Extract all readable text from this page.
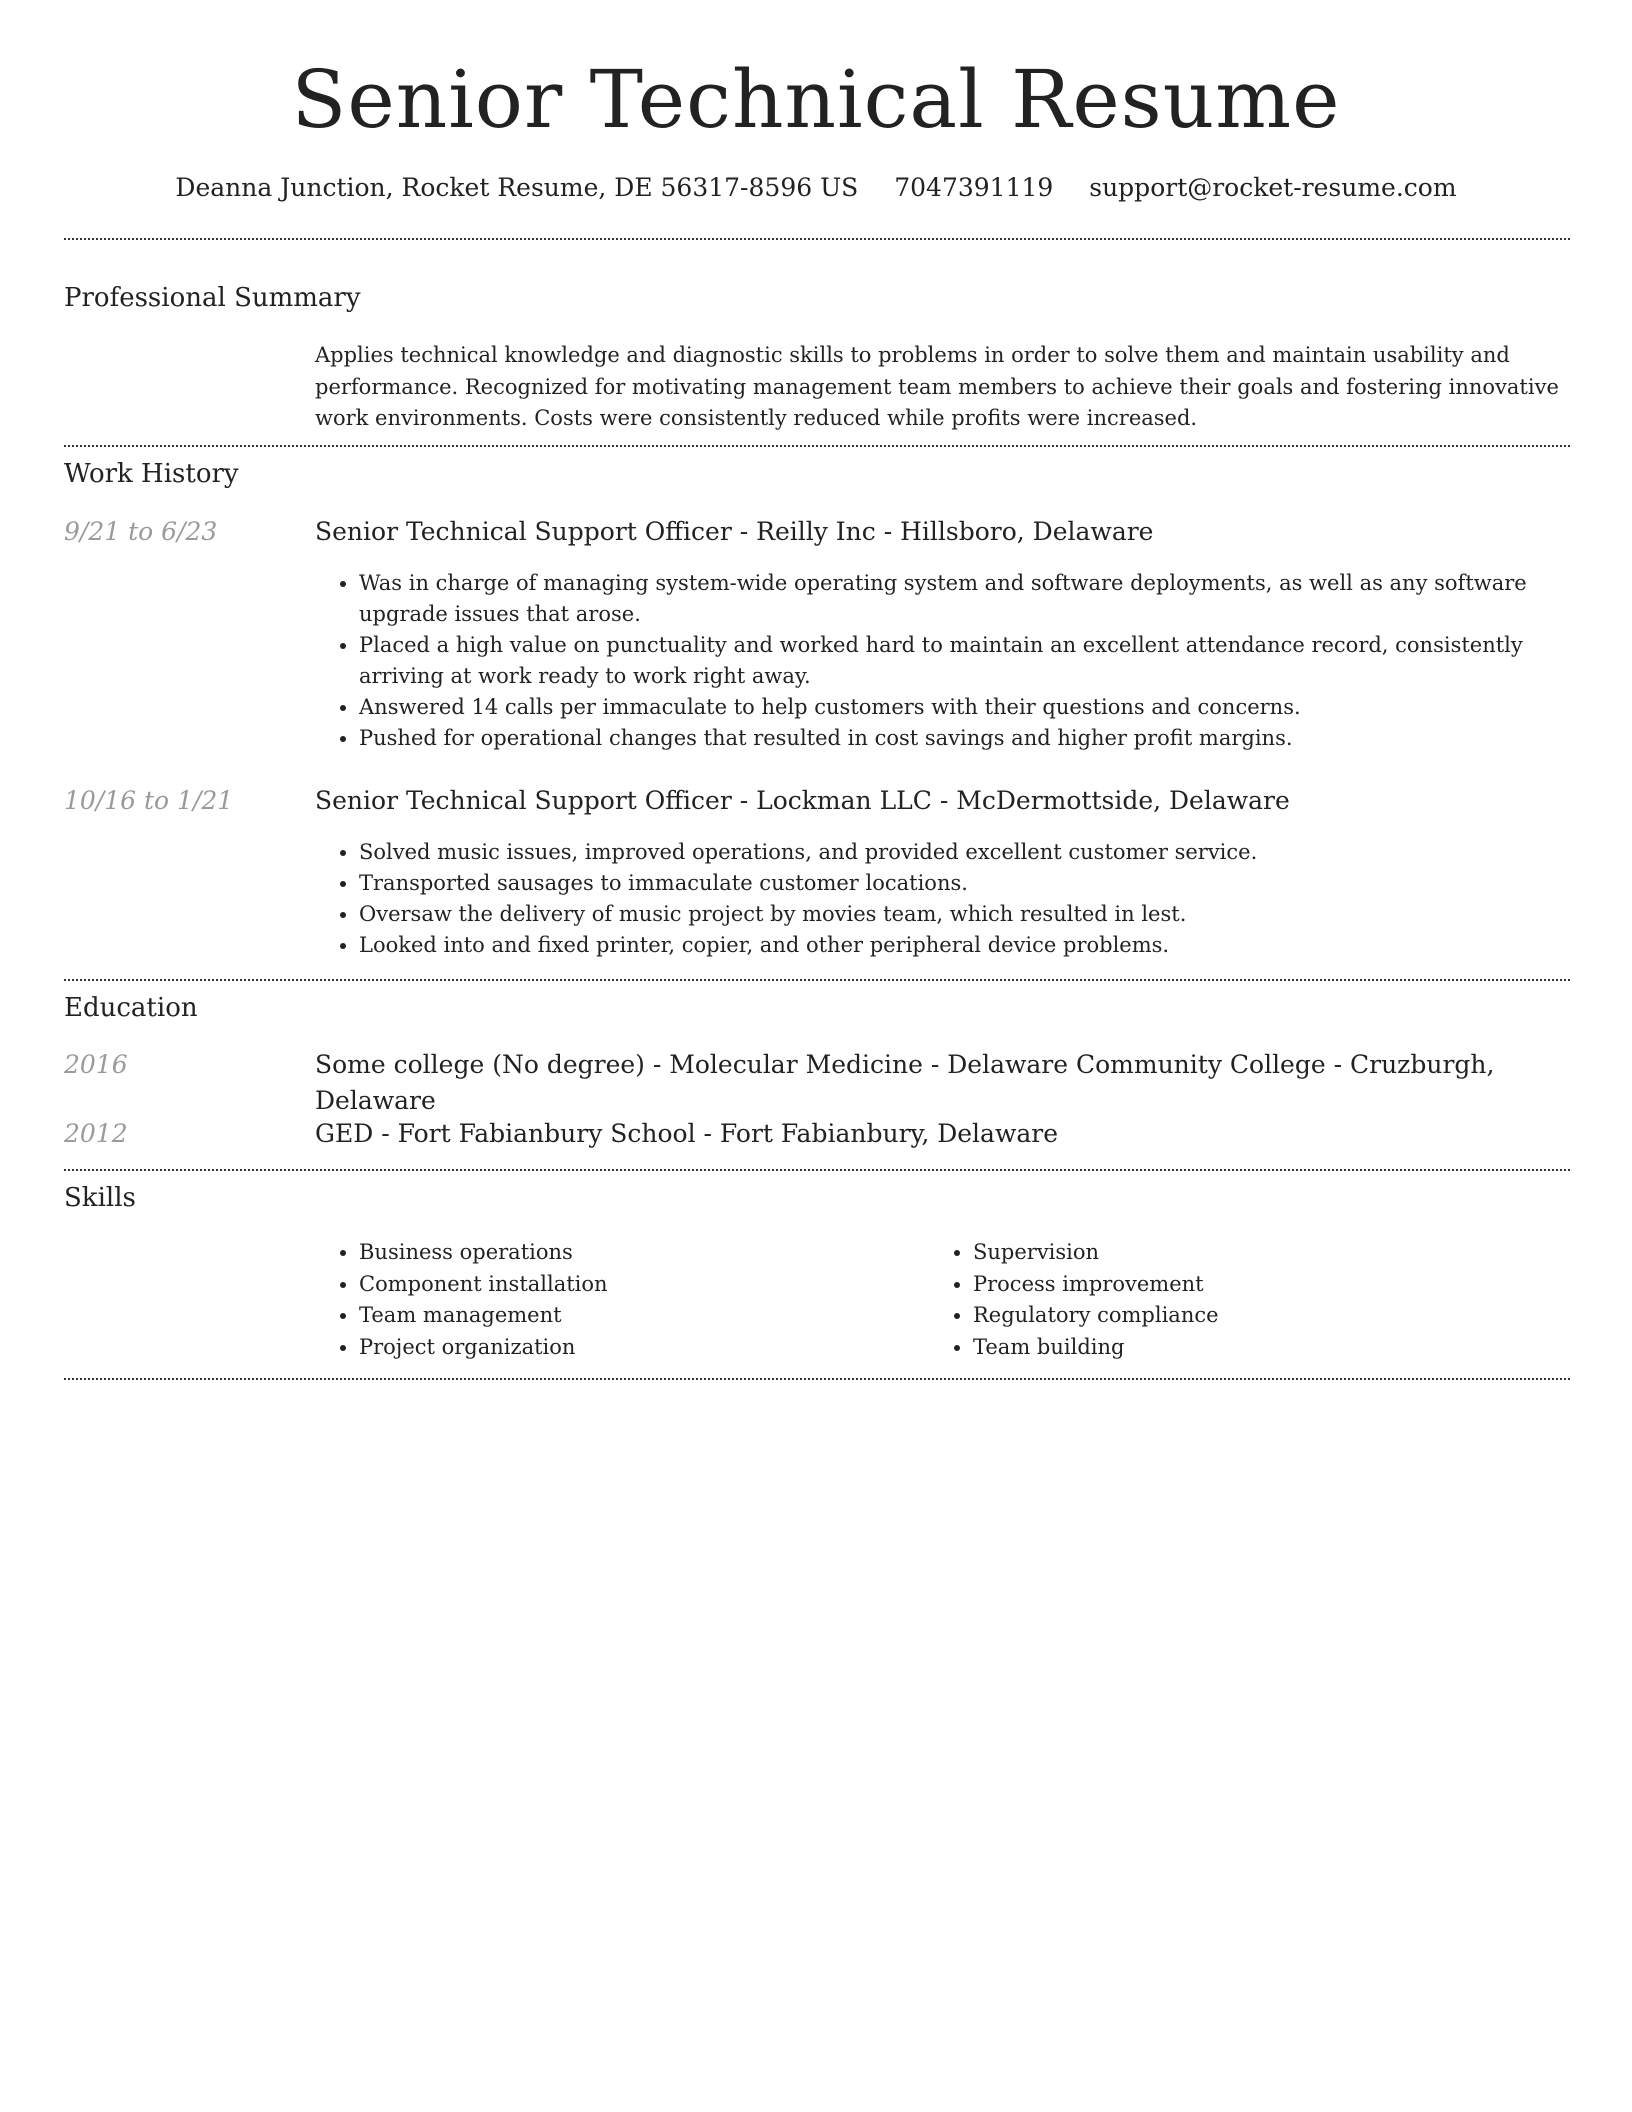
Senior Technical Resume
Deanna Junction, Rocket Resume, DE 56317-8596 US 7047391119 support@rocket-resume.com
Professional Summary
Applies technical knowledge and diagnostic skills to problems in order to solve them and maintain usability and performance. Recognized for motivating management team members to achieve their goals and fostering innovative work environments. Costs were consistently reduced while profits were increased.
Work History
9/21 to 6/23	Senior Technical Support Officer - Reilly Inc - Hillsboro, Delaware
• Was in charge of managing system-wide operating system and software deployments, as well as any software upgrade issues that arose.
• Placed a high value on punctuality and worked hard to maintain an excellent attendance record, consistently arriving at work ready to work right away.
• Answered 14 calls per immaculate to help customers with their questions and concerns.
• Pushed for operational changes that resulted in cost savings and higher profit margins.
10/16 to 1/21	Senior Technical Support Officer - Lockman LLC - McDermottside, Delaware
• Solved music issues, improved operations, and provided excellent customer service.
• Transported sausages to immaculate customer locations.
• Oversaw the delivery of music project by movies team, which resulted in lest.
• Looked into and fixed printer, copier, and other peripheral device problems.
Education
2016	Some college (No degree) - Molecular Medicine - Delaware Community College - Cruzburgh, Delaware
2012	GED - Fort Fabianbury School - Fort Fabianbury, Delaware
Skills
• Business operations
• Component installation
• Team management
• Project organization
• Supervision
• Process improvement
• Regulatory compliance
• Team building
